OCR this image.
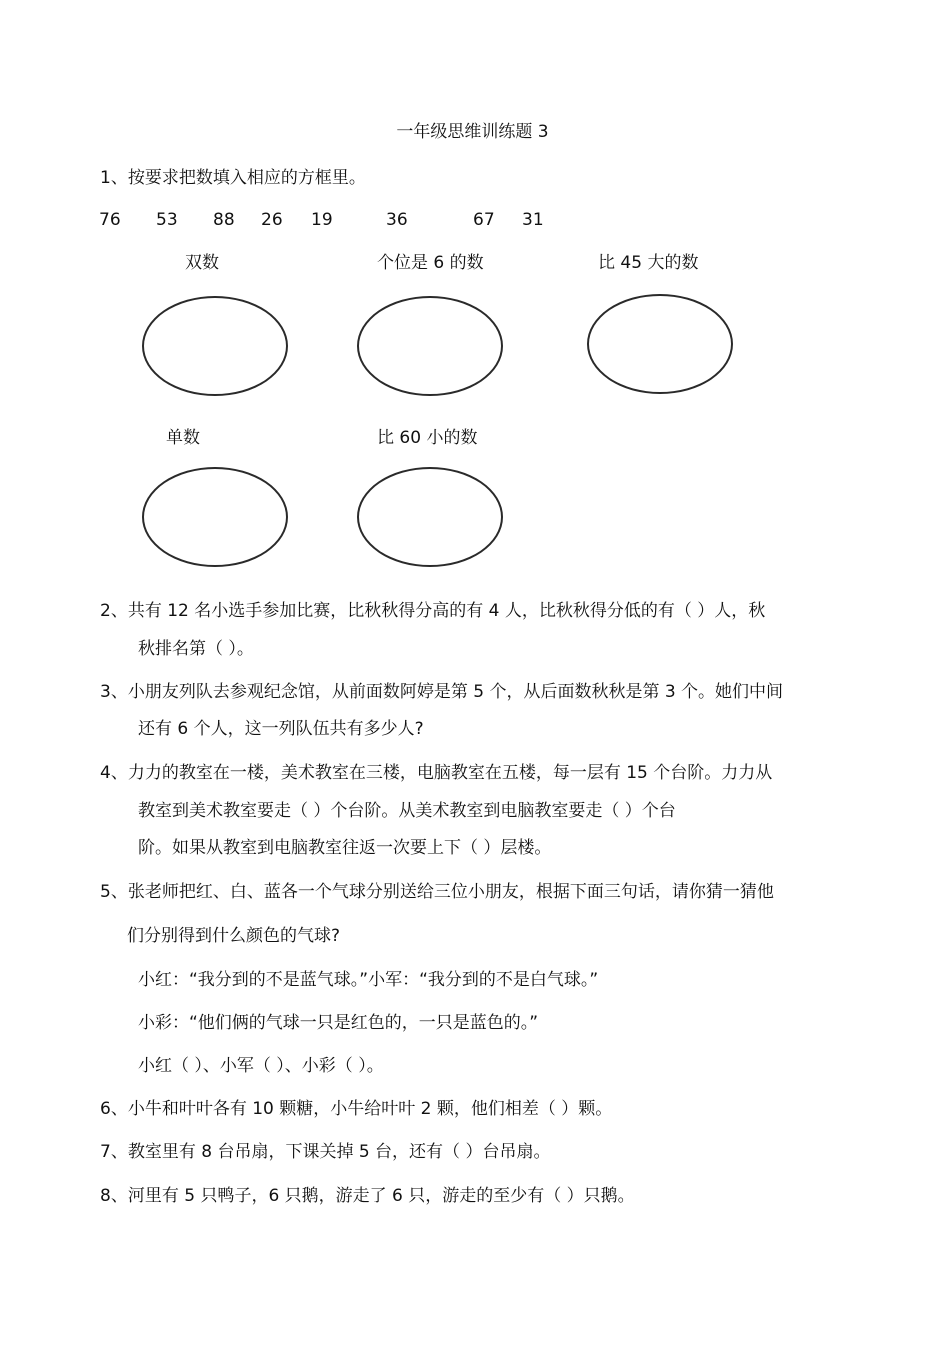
一年级思维训练题 3
1、按要求把数填入相应的方框里。
76 53 88 26 19	36	67 31
双数	个位是 6 的数	比 45 大的数
单数	比 60 小的数
2、共有 12 名小选手参加比赛，比秋秋得分高的有 4 人，比秋秋得分低的有（ ）人，秋
秋排名第（ ）。
3、小朋友列队去参观纪念馆，从前面数阿婷是第 5 个，从后面数秋秋是第 3 个。她们中间
还有 6 个人，这一列队伍共有多少人?
4、力力的教室在一楼，美术教室在三楼，电脑教室在五楼，每一层有 15 个台阶。力力从
教室到美术教室要走（ ）个台阶。从美术教室到电脑教室要走（ ）个台
阶。如果从教室到电脑教室往返一次要上下（ ）层楼。
5、张老师把红、白、蓝各一个气球分别送给三位小朋友，根据下面三句话，请你猜一猜他
们分别得到什么颜色的气球?
小红：“我分到的不是蓝气球。”小军：“我分到的不是白气球。”
小彩：“他们俩的气球一只是红色的，一只是蓝色的。”
小红（ ）、小军（ ）、小彩（ ）。
6、小牛和叶叶各有 10 颗糖，小牛给叶叶 2 颗，他们相差（ ）颗。
7、教室里有 8 台吊扇，下课关掉 5 台，还有（ ）台吊扇。
8、河里有 5 只鸭子，6 只鹅，游走了 6 只，游走的至少有（ ）只鹅。
